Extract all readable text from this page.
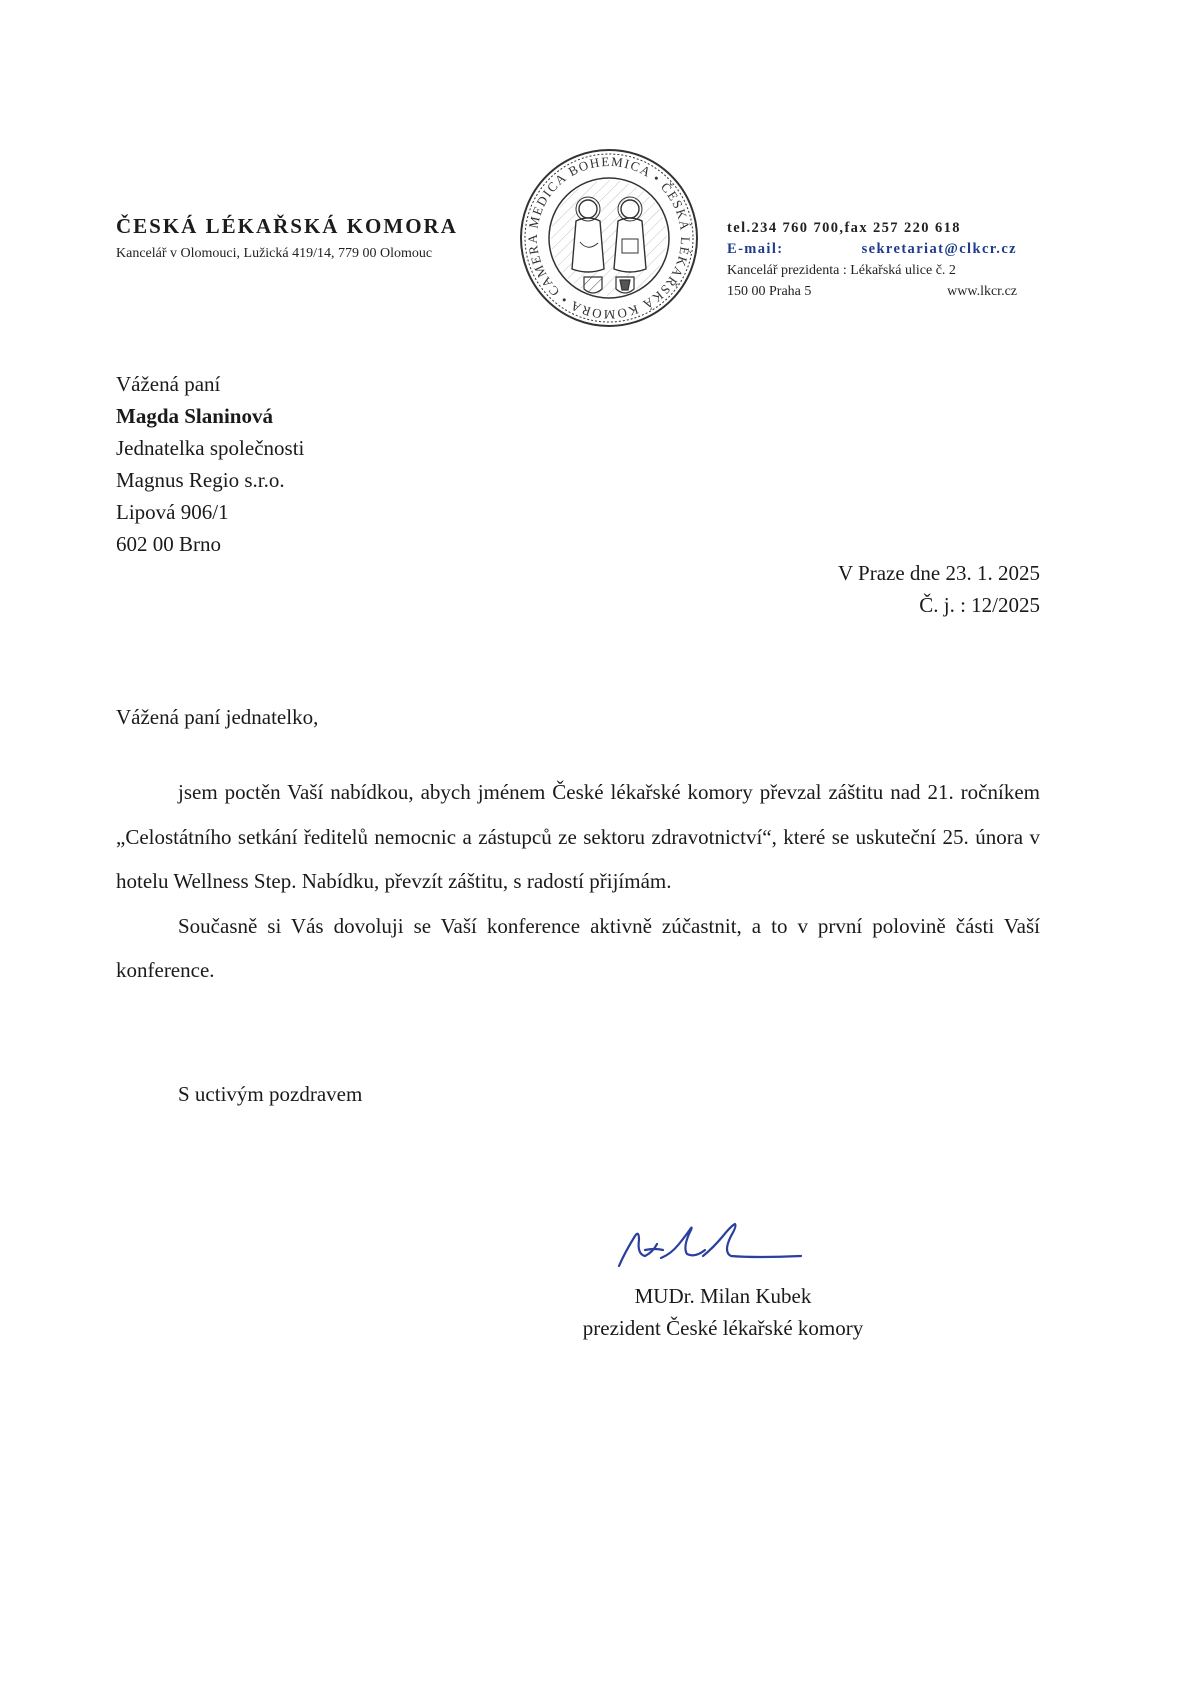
ČESKÁ LÉKAŘSKÁ KOMORA
Kancelář v Olomouci, Lužická 419/14, 779 00 Olomouc
MEDICA BOHEMICA • ČESKÁ LÉKAŘSKÁ KOMORA • CAMERA
tel.234 760 700,fax 257 220 618
E-mail:	sekretariat@clkcr.cz
Kancelář prezidenta : Lékařská ulice č. 2
150 00 Praha 5	www.lkcr.cz
Vážená paní
Magda Slaninová
Jednatelka společnosti
Magnus Regio s.r.o.
Lipová 906/1
602 00 Brno
V Praze dne 23. 1. 2025
Č. j. : 12/2025
Vážená paní jednatelko,

jsem poctěn Vaší nabídkou, abych jménem České lékařské komory převzal záštitu nad 21. ročníkem „Celostátního setkání ředitelů nemocnic a zástupců ze sektoru zdravotnictví“, které se uskuteční 25. února v hotelu Wellness Step. Nabídku, převzít záštitu, s radostí přijímám.

Současně si Vás dovoluji se Vaší konference aktivně zúčastnit, a to v první polovině části Vaší konference.

S uctivým pozdravem
MUDr. Milan Kubek
prezident České lékařské komory
